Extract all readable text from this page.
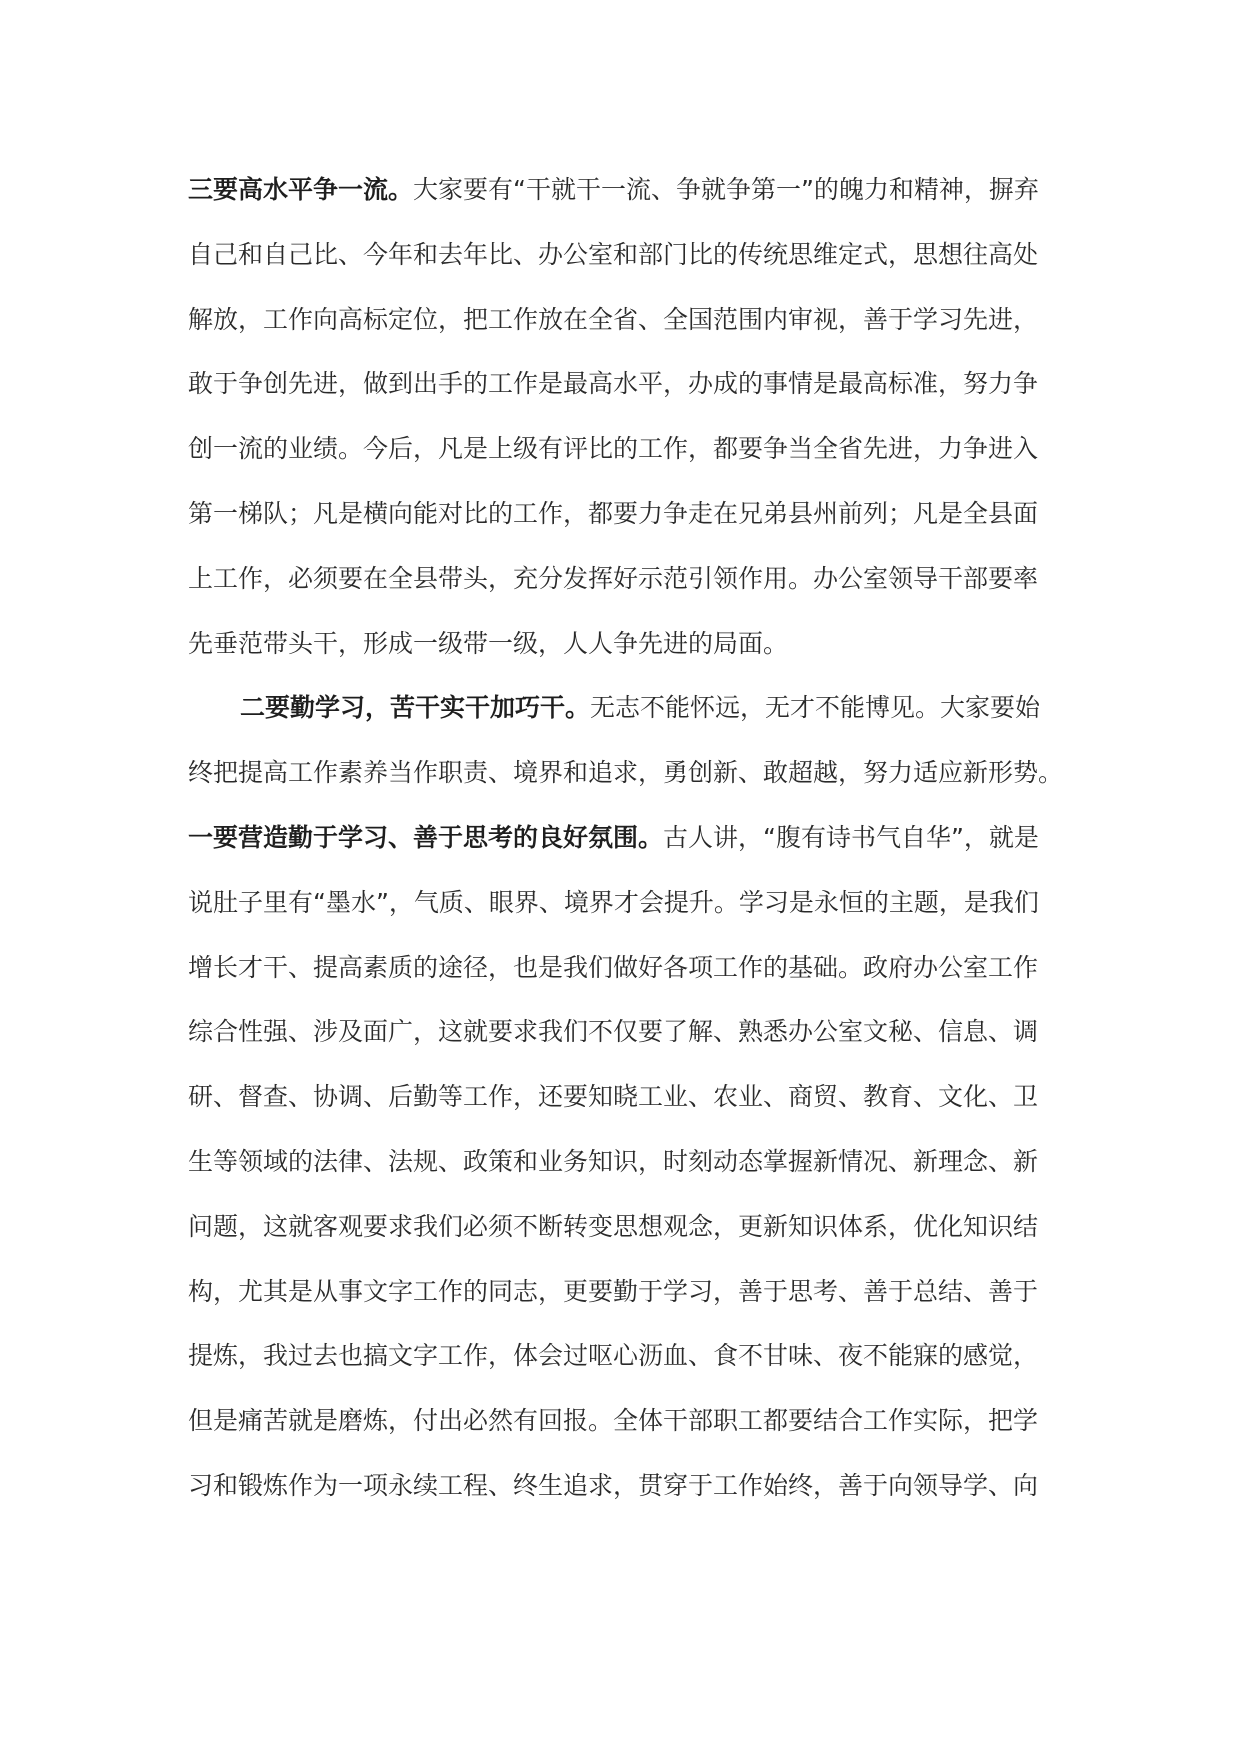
三要高水平争一流。大家要有“干就干一流、争就争第一”的魄力和精神，摒弃
自己和自己比、今年和去年比、办公室和部门比的传统思维定式，思想往高处
解放，工作向高标定位，把工作放在全省、全国范围内审视，善于学习先进，
敢于争创先进，做到出手的工作是最高水平，办成的事情是最高标准，努力争
创一流的业绩。今后，凡是上级有评比的工作，都要争当全省先进，力争进入
第一梯队；凡是横向能对比的工作，都要力争走在兄弟县州前列；凡是全县面
上工作，必须要在全县带头，充分发挥好示范引领作用。办公室领导干部要率
先垂范带头干，形成一级带一级，人人争先进的局面。
二要勤学习，苦干实干加巧干。无志不能怀远，无才不能博见。大家要始
终把提高工作素养当作职责、境界和追求，勇创新、敢超越，努力适应新形势。
一要营造勤于学习、善于思考的良好氛围。古人讲，“腹有诗书气自华”，就是
说肚子里有“墨水”，气质、眼界、境界才会提升。学习是永恒的主题，是我们
增长才干、提高素质的途径，也是我们做好各项工作的基础。政府办公室工作
综合性强、涉及面广，这就要求我们不仅要了解、熟悉办公室文秘、信息、调
研、督查、协调、后勤等工作，还要知晓工业、农业、商贸、教育、文化、卫
生等领域的法律、法规、政策和业务知识，时刻动态掌握新情况、新理念、新
问题，这就客观要求我们必须不断转变思想观念，更新知识体系，优化知识结
构，尤其是从事文字工作的同志，更要勤于学习，善于思考、善于总结、善于
提炼，我过去也搞文字工作，体会过呕心沥血、食不甘味、夜不能寐的感觉，
但是痛苦就是磨炼，付出必然有回报。全体干部职工都要结合工作实际，把学
习和锻炼作为一项永续工程、终生追求，贯穿于工作始终，善于向领导学、向
